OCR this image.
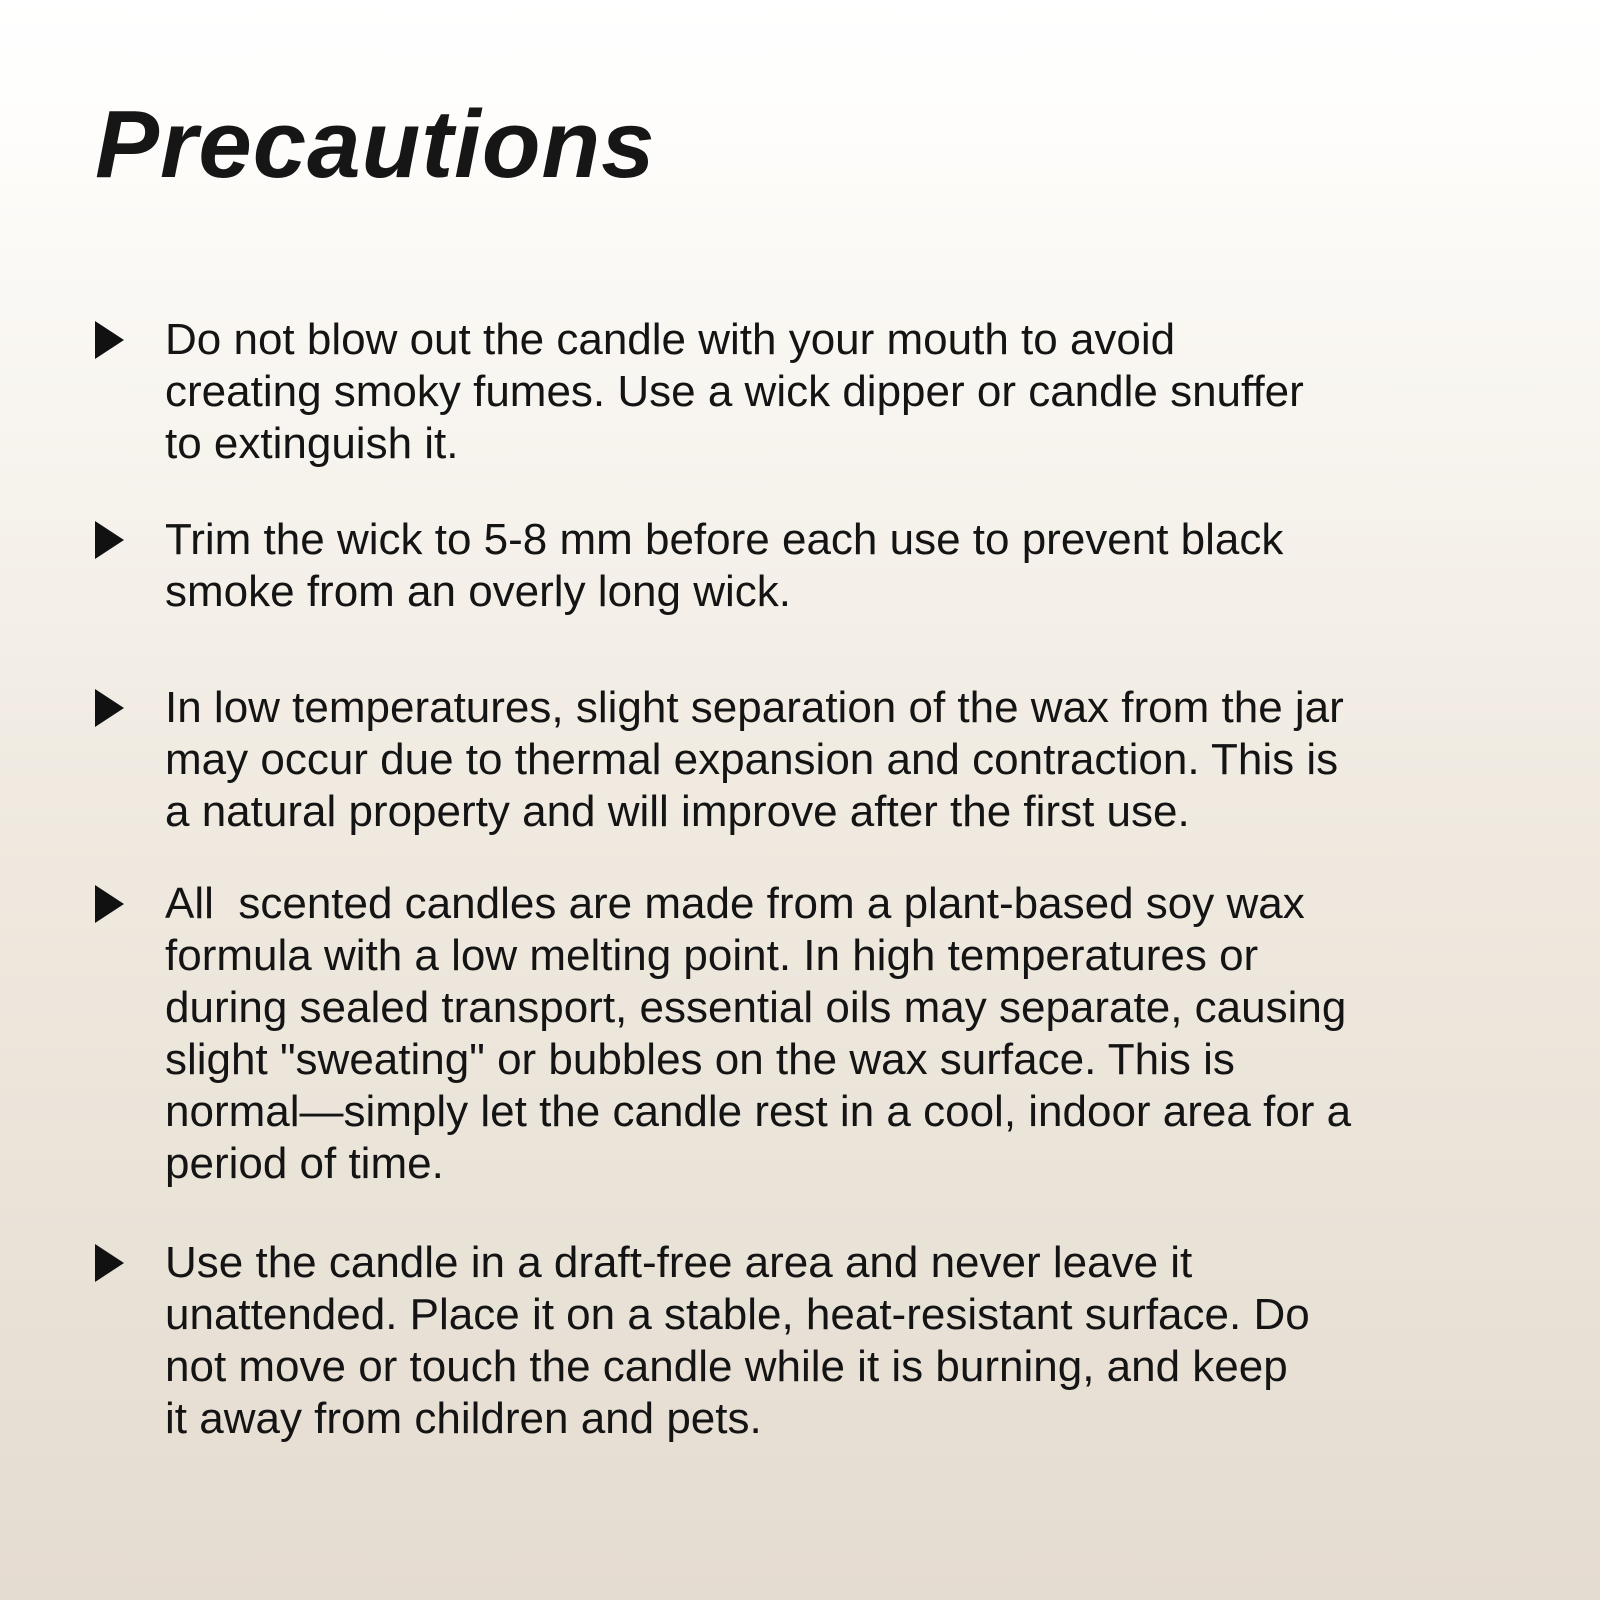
Precautions
Do not blow out the candle with your mouth to avoid
creating smoky fumes. Use a wick dipper or candle snuffer
to extinguish it.
Trim the wick to 5-8 mm before each use to prevent black
smoke from an overly long wick.
In low temperatures, slight separation of the wax from the jar
may occur due to thermal expansion and contraction. This is
a natural property and will improve after the first use.
All  scented candles are made from a plant-based soy wax
formula with a low melting point. In high temperatures or
during sealed transport, essential oils may separate, causing
slight "sweating" or bubbles on the wax surface. This is
normal—simply let the candle rest in a cool, indoor area for a
period of time.
Use the candle in a draft-free area and never leave it
unattended. Place it on a stable, heat-resistant surface. Do
not move or touch the candle while it is burning, and keep
it away from children and pets.
